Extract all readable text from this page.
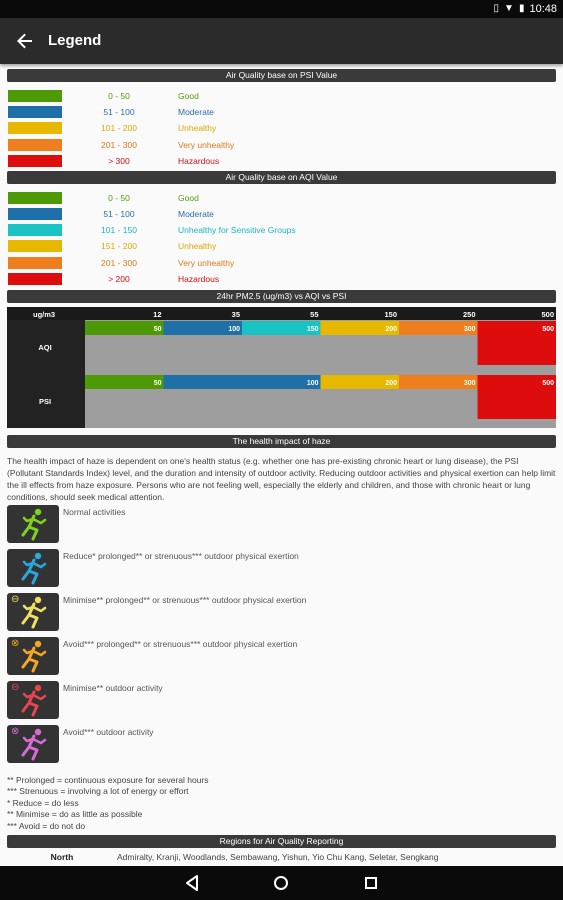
▯ ▼ ▮ 10:48
Legend
Air Quality base on PSI Value
0 - 50	Good
51 - 100	Moderate
101 - 200	Unhealthy
201 - 300	Very unhealthy
> 300	Hazardous
Air Quality base on AQI Value
0 - 50	Good
51 - 100	Moderate
101 - 150	Unhealthy for Sensitive Groups
151 - 200	Unhealthy
201 - 300	Very unhealthy
> 200	Hazardous
24hr PM2.5 (ug/m3) vs AQI vs PSI
ug/m3	12	35	55	150	250	500
AQI
50	100	150	200	300	500
PSI
50	100	200	300	500
The health impact of haze
The health impact of haze is dependent on one's health status (e.g. whether one has pre-existing chronic heart or lung disease), the PSI (Pollutant Standards Index) level, and the duration and intensity of outdoor activity. Reducing outdoor activities and physical exertion can help limit the ill effects from haze exposure. Persons who are not feeling well, especially the elderly and children, and those with chronic heart or lung conditions, should seek medical attention.
Normal activities
Reduce* prolonged** or strenuous*** outdoor physical exertion
⊖	Minimise** prolonged** or strenuous*** outdoor physical exertion
⊗	Avoid*** prolonged** or strenuous*** outdoor physical exertion
⊖	Minimise** outdoor activity
⊗	Avoid*** outdoor activity
** Prolonged = continuous exposure for several hours
*** Strenuous = involving a lot of energy or effort
* Reduce = do less
** Minimise = do as little as possible
*** Avoid = do not do
Regions for Air Quality Reporting
North	Admiralty, Kranji, Woodlands, Sembawang, Yishun, Yio Chu Kang, Seletar, Sengkang
